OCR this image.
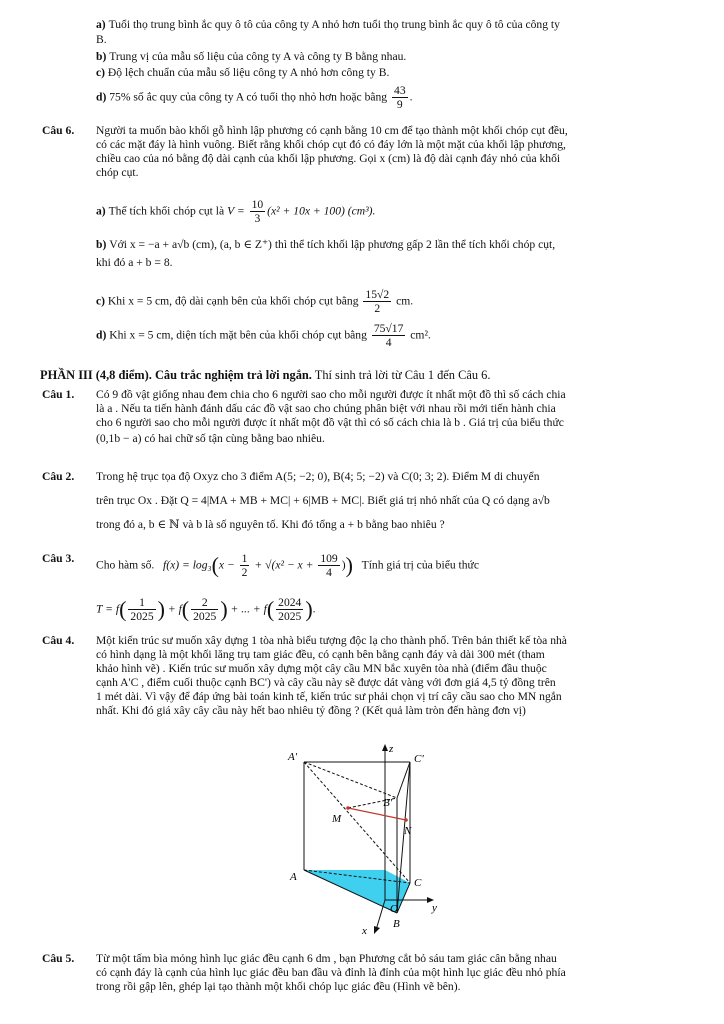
a) Tuổi thọ trung bình ắc quy ô tô của công ty A nhỏ hơn tuổi thọ trung bình ắc quy ô tô của công ty
B.
b) Trung vị của mẫu số liệu của công ty A và công ty B bằng nhau.
c) Độ lệch chuẩn của mẫu số liệu công ty A nhỏ hơn công ty B.
d) 75% số ắc quy của công ty A có tuổi thọ nhỏ hơn hoặc bằng $\frac{43}{9}$ .
Câu 6. Người ta muốn bào khối gỗ hình lập phương có cạnh bằng 10 cm để tạo thành một khối chóp cụt đều,
có các mặt đáy là hình vuông. Biết rằng khối chóp cụt đó có đáy lớn là một mặt của khối lập phương,
chiều cao của nó bằng độ dài cạnh của khối lập phương. Gọi x (cm) là độ dài cạnh đáy nhỏ của khối
chóp cụt.
a) Thể tích khối chóp cụt là $V = \frac{10}{3} (x^2 + 10x + 100)$ (cm³).
b) Với x = −a + a√b (cm), (a, b ∈ Z⁺) thì thể tích khối lập phương gấp 2 lần thể tích khối chóp cụt,
khi đó a + b = 8.
c) Khi x = 5 cm, độ dài cạnh bên của khối chóp cụt bằng $\frac{15√2}{2}$ cm.
d) Khi x = 5 cm, diện tích mặt bên của khối chóp cụt bằng $\frac{75√17}{4} cm^2$.
PHẦN III (4,8 điểm). Câu trắc nghiệm trả lời ngắn. Thí sinh trả lời từ Câu 1 đến Câu 6.
Câu 1. Có 9 đồ vật giống nhau đem chia cho 6 người sao cho mỗi người được ít nhất một đồ thì số cách chia
là a . Nếu ta tiến hành đánh dấu các đồ vật sao cho chúng phân biệt với nhau rồi mới tiến hành chia
cho 6 người sao cho mỗi người được ít nhất một đồ vật thì có số cách chia là b . Giá trị của biểu thức
(0,1b − a) có hai chữ số tận cùng bằng bao nhiêu.
Câu 2. Trong hệ trục tọa độ Oxyz cho 3 điểm A(5; −2; 0), B(4; 5; −2) và C(0; 3; 2). Điểm M di chuyển
trên trục Ox . Đặt Q = 4|MA + MB + MC| + 6|MB + MC|. Biết giá trị nhỏ nhất của Q có dạng a√b
trong đó a, b ∈ ℕ và b là số nguyên tố. Khi đó tổng a + b bằng bao nhiêu ?
Câu 3. Cho hàm số. $f(x) = \log_3(x - \frac{1}{2} + √(x^2 - x + \frac{109}{4}$ )) Tính giá trị của biểu thức
$T = f( \frac{1}{2025}$ ) + $f( \frac{2}{2025}$ ) + ... + $f( \frac{2024}{2025}$ ).
Câu 4. Một kiến trúc sư muốn xây dựng 1 tòa nhà biểu tượng độc lạ cho thành phố. Trên bản thiết kế tòa nhà
có hình dạng là một khối lăng trụ tam giác đều, có cạnh bên bằng cạnh đáy và dài 300 mét (tham
khảo hình vẽ) . Kiến trúc sư muốn xây dựng một cây cầu MN bắc xuyên tòa nhà (điểm đầu thuộc
cạnh A'C , điểm cuối thuộc cạnh BC') và cây cầu này sẽ được dát vàng với đơn giá 4,5 tỷ đồng trên
1 mét dài. Vì vậy để đáp ứng bài toán kinh tế, kiến trúc sư phải chọn vị trí cây cầu sao cho MN ngắn
nhất. Khi đó giá xây cây cầu này hết bao nhiêu tỷ đồng ? (Kết quả làm tròn đến hàng đơn vị)
z
A'	C'
B'
M
N
C
A
O	y
x
B
Câu 5. Từ một tấm bìa mỏng hình lục giác đều cạnh 6 dm , bạn Phương cắt bỏ sáu tam giác cân bằng nhau
có cạnh đáy là cạnh của hình lục giác đều ban đầu và đỉnh là đỉnh của một hình lục giác đều nhỏ phía
trong rồi gập lên, ghép lại tạo thành một khối chóp lục giác đều (Hình vẽ bên).
